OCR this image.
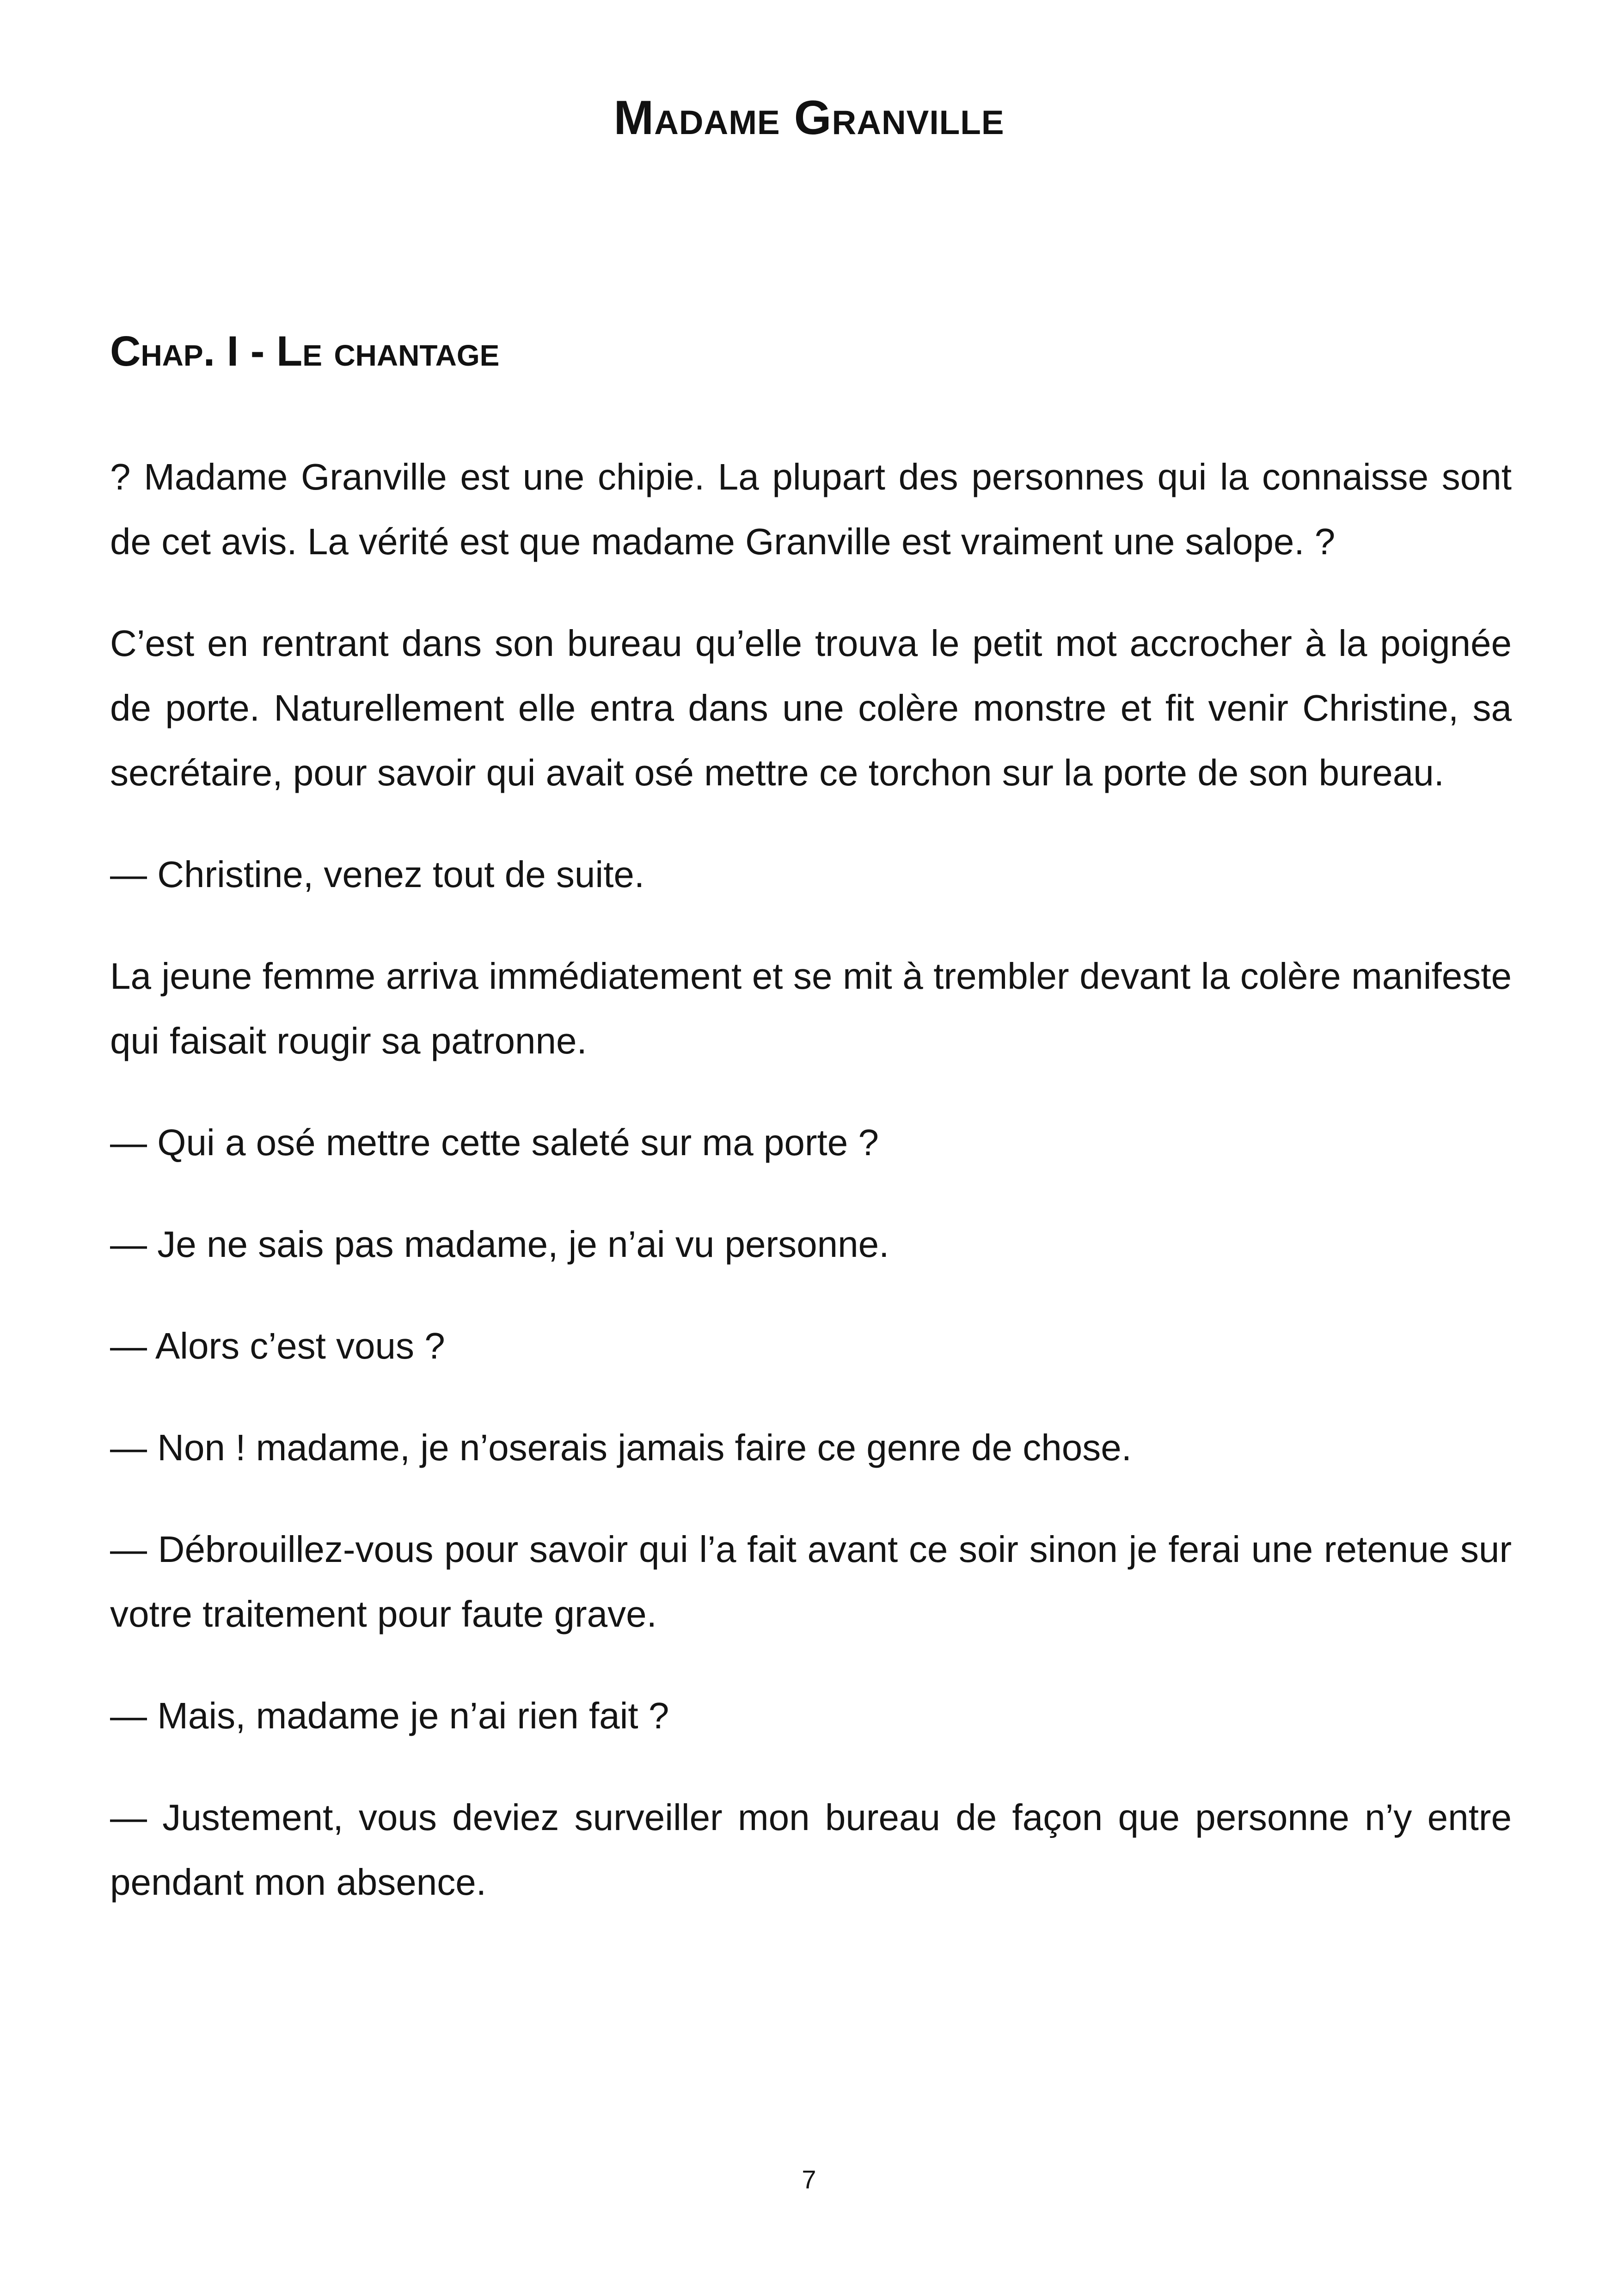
Madame Granville
Chap. I - Le chantage

? Madame Granville est une chipie. La plupart des personnes qui la connaisse sont de cet avis. La vérité est que madame Granville est vraiment une salope. ?

C’est en rentrant dans son bureau qu’elle trouva le petit mot accrocher à la poignée de porte. Naturellement elle entra dans une colère monstre et fit venir Christine, sa secrétaire, pour savoir qui avait osé mettre ce torchon sur la porte de son bureau.

— Christine, venez tout de suite.

La jeune femme arriva immédiatement et se mit à trembler devant la colère manifeste qui faisait rougir sa patronne.

— Qui a osé mettre cette saleté sur ma porte ?

— Je ne sais pas madame, je n’ai vu personne.

— Alors c’est vous ?

— Non ! madame, je n’oserais jamais faire ce genre de chose.

— Débrouillez-vous pour savoir qui l’a fait avant ce soir sinon je ferai une retenue sur votre traitement pour faute grave.

— Mais, madame je n’ai rien fait ?

— Justement, vous deviez surveiller mon bureau de façon que personne n’y entre pendant mon absence.

7
